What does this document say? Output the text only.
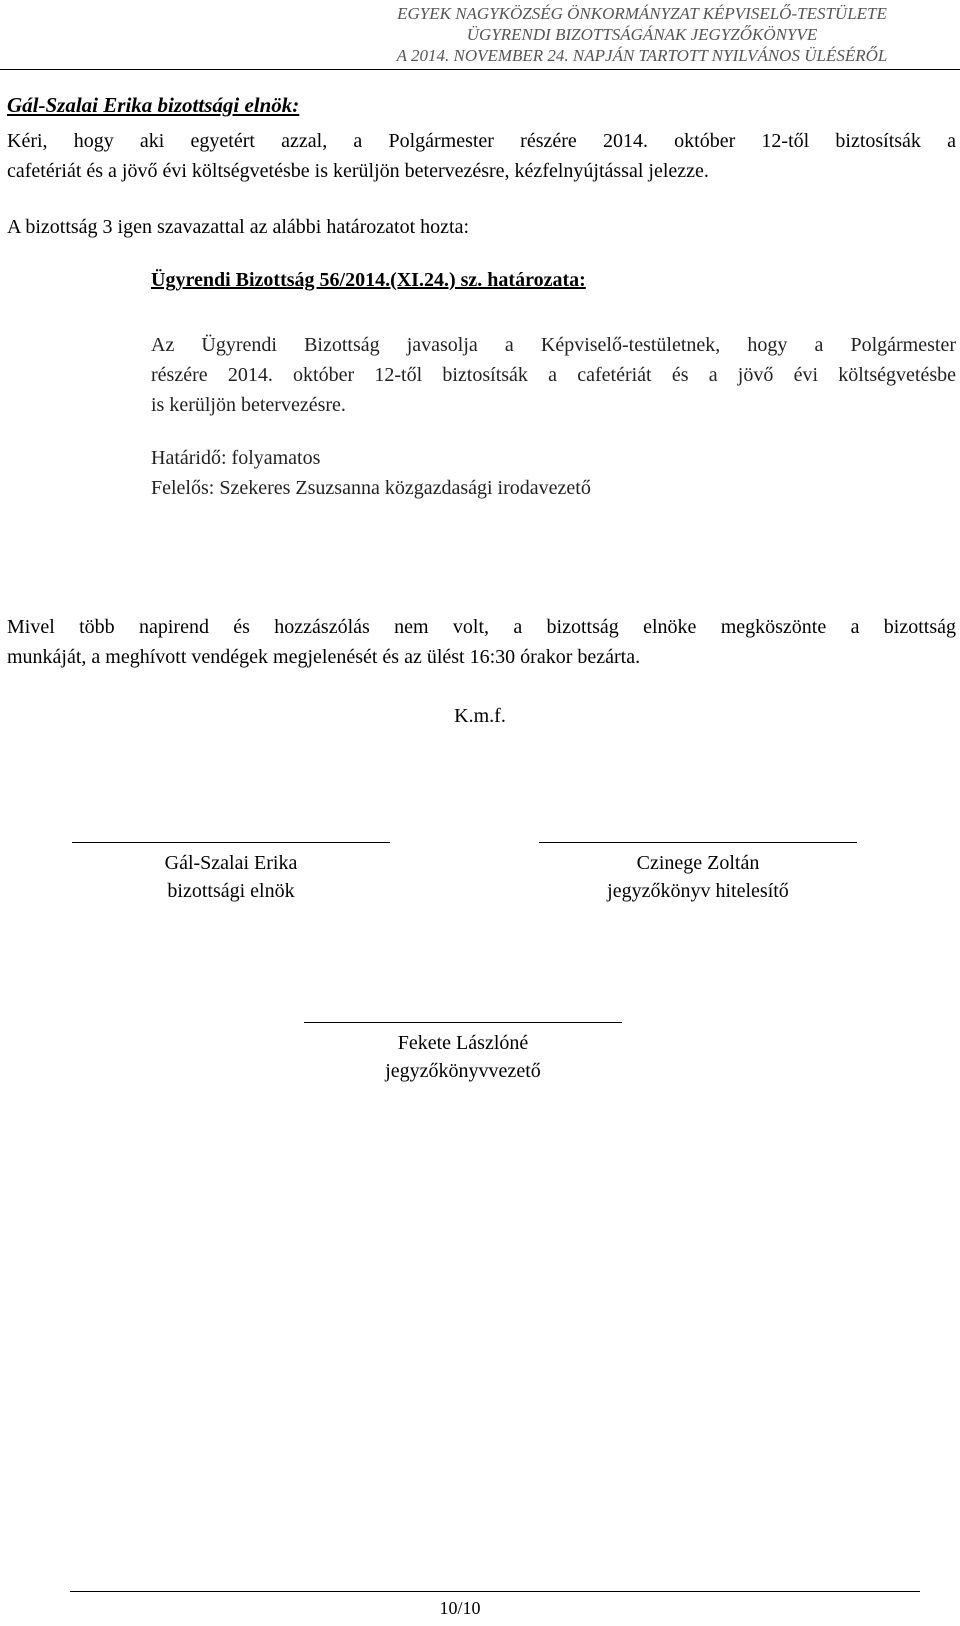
EGYEK NAGYKÖZSÉG ÖNKORMÁNYZAT KÉPVISELŐ-TESTÜLETE
ÜGYRENDI BIZOTTSÁGÁNAK JEGYZŐKÖNYVE
A 2014. NOVEMBER 24. NAPJÁN TARTOTT NYILVÁNOS ÜLÉSÉRŐL
Gál-Szalai Erika bizottsági elnök:
Kéri, hogy aki egyetért azzal, a Polgármester részére 2014. október 12-től biztosítsák a
cafetériát és a jövő évi költségvetésbe is kerüljön betervezésre, kézfelnyújtással jelezze.
A bizottság 3 igen szavazattal az alábbi határozatot hozta:
Ügyrendi Bizottság 56/2014.(XI.24.) sz. határozata:
Az Ügyrendi Bizottság javasolja a Képviselő-testületnek, hogy a Polgármester
részére 2014. október 12-től biztosítsák a cafetériát és a jövő évi költségvetésbe
is kerüljön betervezésre.
Határidő: folyamatos
Felelős: Szekeres Zsuzsanna közgazdasági irodavezető
Mivel több napirend és hozzászólás nem volt, a bizottság elnöke megköszönte a bizottság
munkáját, a meghívott vendégek megjelenését és az ülést 16:30 órakor bezárta.
K.m.f.
Gál-Szalai Erika
bizottsági elnök
Czinege Zoltán
jegyzőkönyv hitelesítő
Fekete Lászlóné
jegyzőkönyvvezető
10/10
